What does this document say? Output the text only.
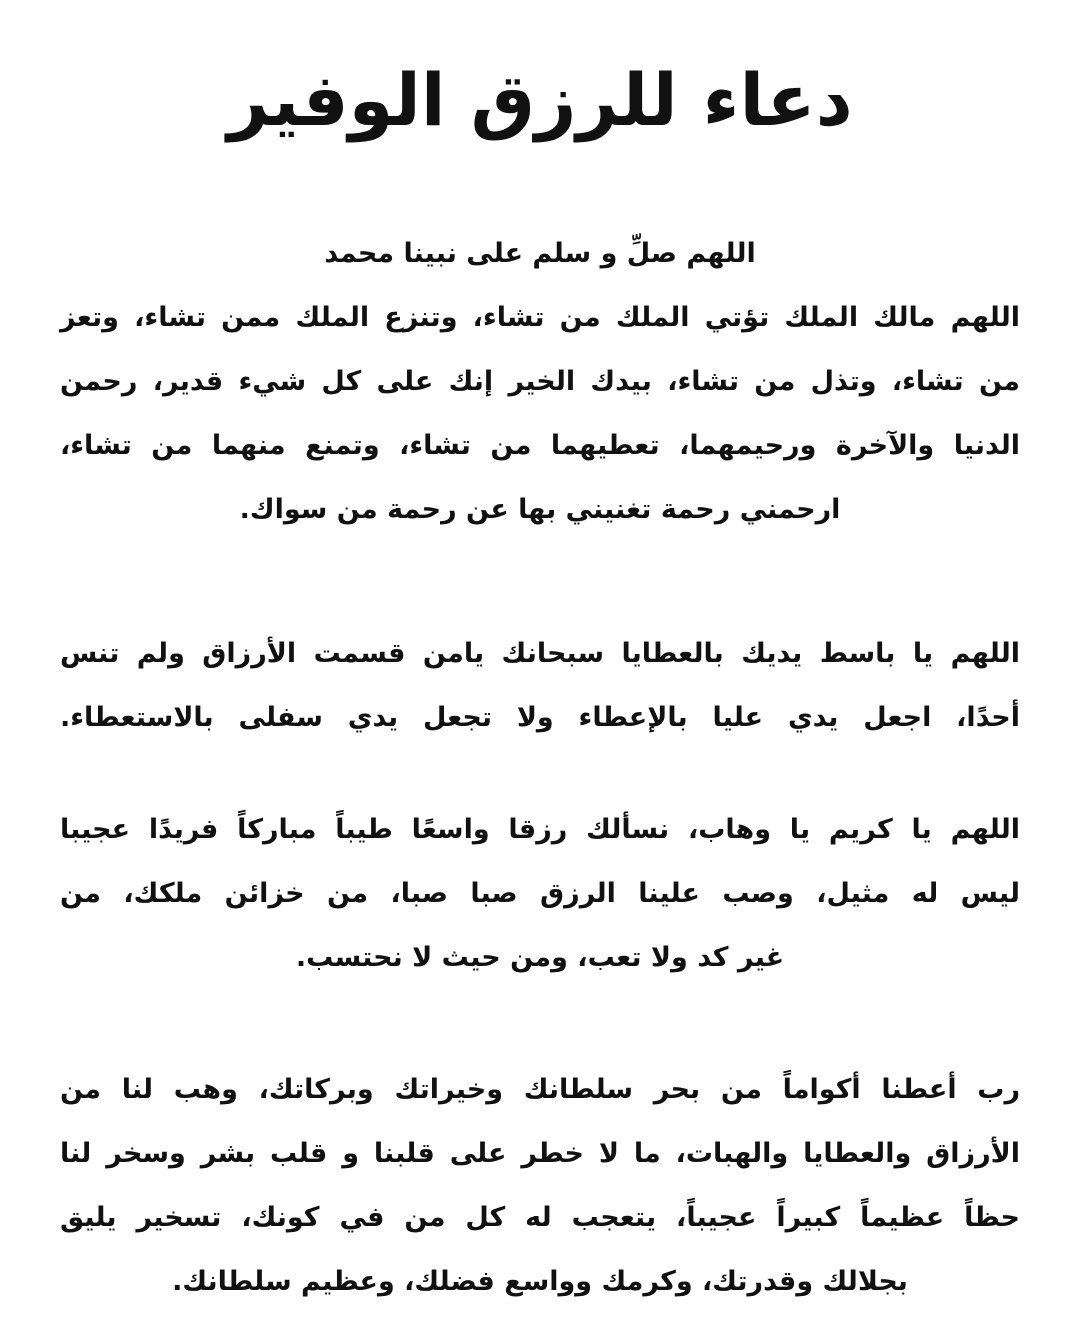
دعاء للرزق الوفير
اللهم صلِّ و سلم على نبينا محمد
اللهم مالك الملك تؤتي الملك من تشاء، وتنزع الملك ممن تشاء، وتعز
من تشاء، وتذل من تشاء، بيدك الخير إنك على كل شيء قدير، رحمن
الدنيا والآخرة ورحيمهما، تعطيهما من تشاء، وتمنع منهما من تشاء،
ارحمني رحمة تغنيني بها عن رحمة من سواك.
اللهم يا باسط يديك بالعطايا سبحانك يامن قسمت الأرزاق ولم تنس
أحدًا، اجعل يدي عليا بالإعطاء ولا تجعل يدي سفلى بالاستعطاء.
اللهم يا كريم يا وهاب، نسألك رزقا واسعًا طيباً مباركاً فريدًا عجيبا
ليس له مثيل، وصب علينا الرزق صبا صبا، من خزائن ملكك، من
غير كد ولا تعب، ومن حيث لا نحتسب.
رب أعطنا أكواماً من بحر سلطانك وخيراتك وبركاتك، وهب لنا من
الأرزاق والعطايا والهبات، ما لا خطر على قلبنا و قلب بشر وسخر لنا
حظاً عظيماً كبيراً عجيباً، يتعجب له كل من في كونك، تسخير يليق
بجلالك وقدرتك، وكرمك وواسع فضلك، وعظيم سلطانك.
